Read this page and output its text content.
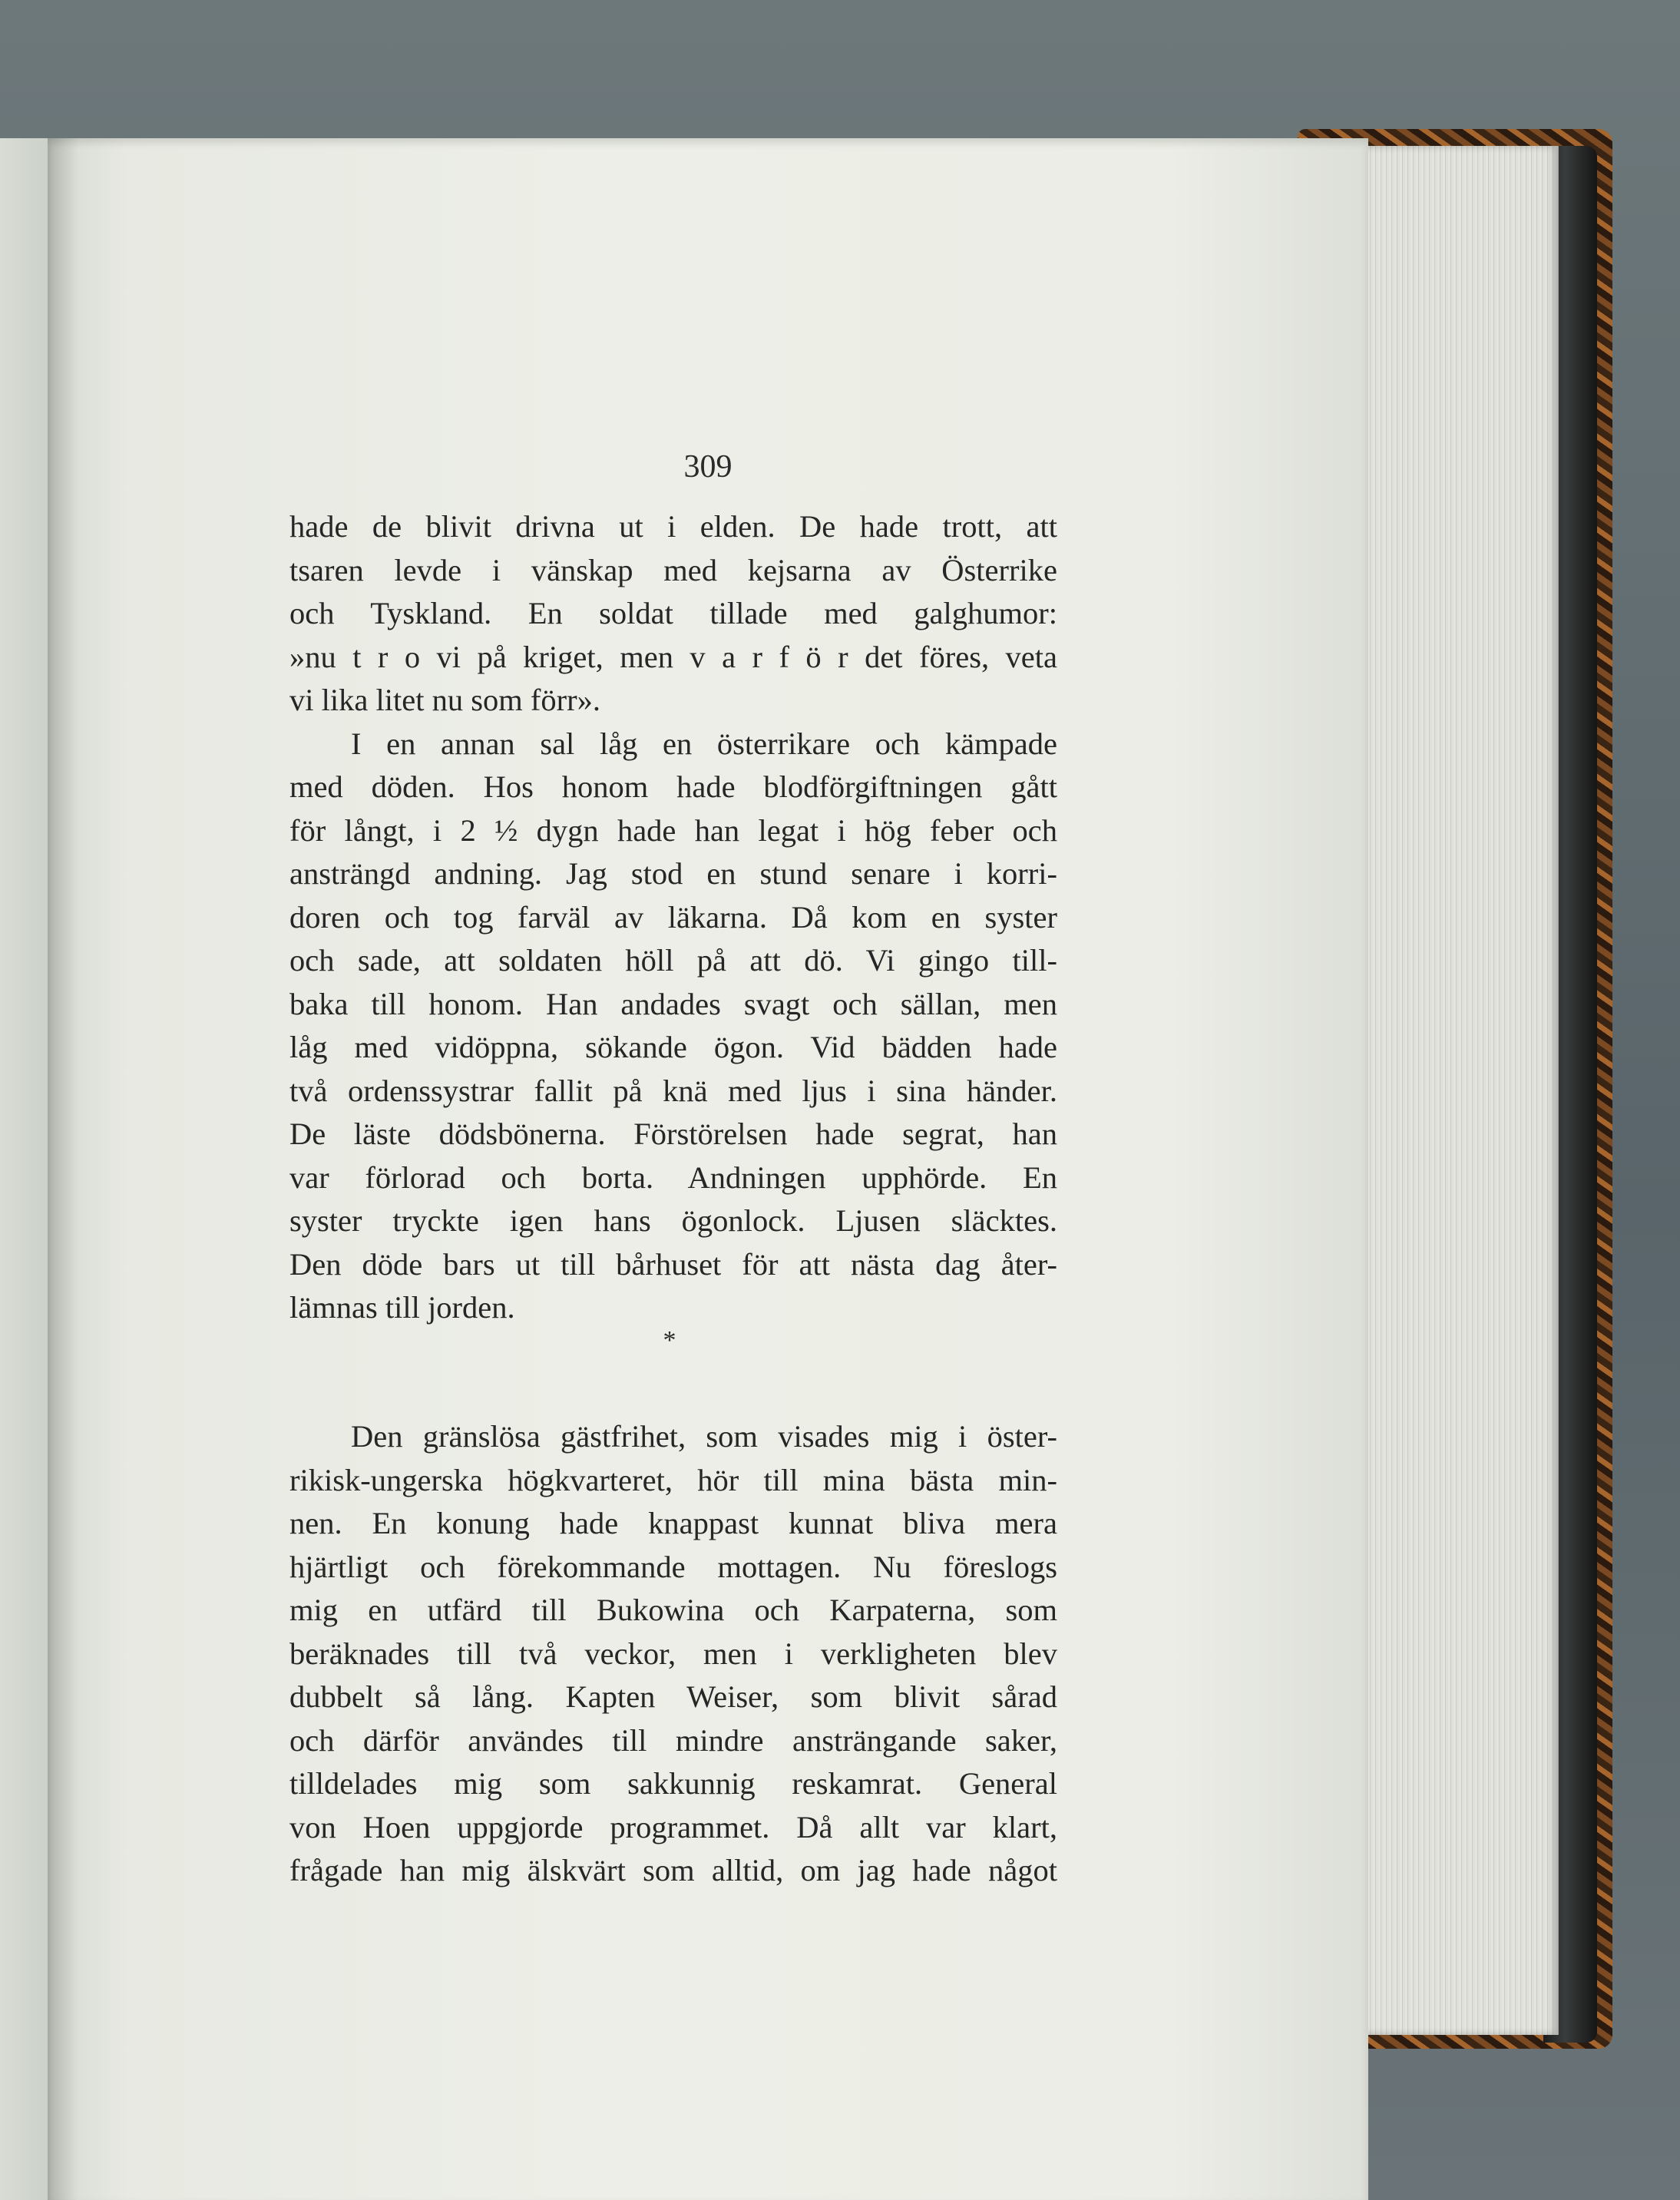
309
hade de blivit drivna ut i elden. De hade trott, att
tsaren levde i vänskap med kejsarna av Österrike
och Tyskland. En soldat tillade med galghumor:
»nu t r o vi på kriget, men v a r f ö r det föres, veta
vi lika litet nu som förr».
I en annan sal låg en österrikare och kämpade
med döden. Hos honom hade blodförgiftningen gått
för långt, i 2 ½ dygn hade han legat i hög feber och
ansträngd andning. Jag stod en stund senare i korri-
doren och tog farväl av läkarna. Då kom en syster
och sade, att soldaten höll på att dö. Vi gingo till-
baka till honom. Han andades svagt och sällan, men
låg med vidöppna, sökande ögon. Vid bädden hade
två ordenssystrar fallit på knä med ljus i sina händer.
De läste dödsbönerna. Förstörelsen hade segrat, han
var förlorad och borta. Andningen upphörde. En
syster tryckte igen hans ögonlock. Ljusen släcktes.
Den döde bars ut till bårhuset för att nästa dag åter-
lämnas till jorden.
*
Den gränslösa gästfrihet, som visades mig i öster-
rikisk-ungerska högkvarteret, hör till mina bästa min-
nen. En konung hade knappast kunnat bliva mera
hjärtligt och förekommande mottagen. Nu föreslogs
mig en utfärd till Bukowina och Karpaterna, som
beräknades till två veckor, men i verkligheten blev
dubbelt så lång. Kapten Weiser, som blivit sårad
och därför användes till mindre ansträngande saker,
tilldelades mig som sakkunnig reskamrat. General
von Hoen uppgjorde programmet. Då allt var klart,
frågade han mig älskvärt som alltid, om jag hade något
